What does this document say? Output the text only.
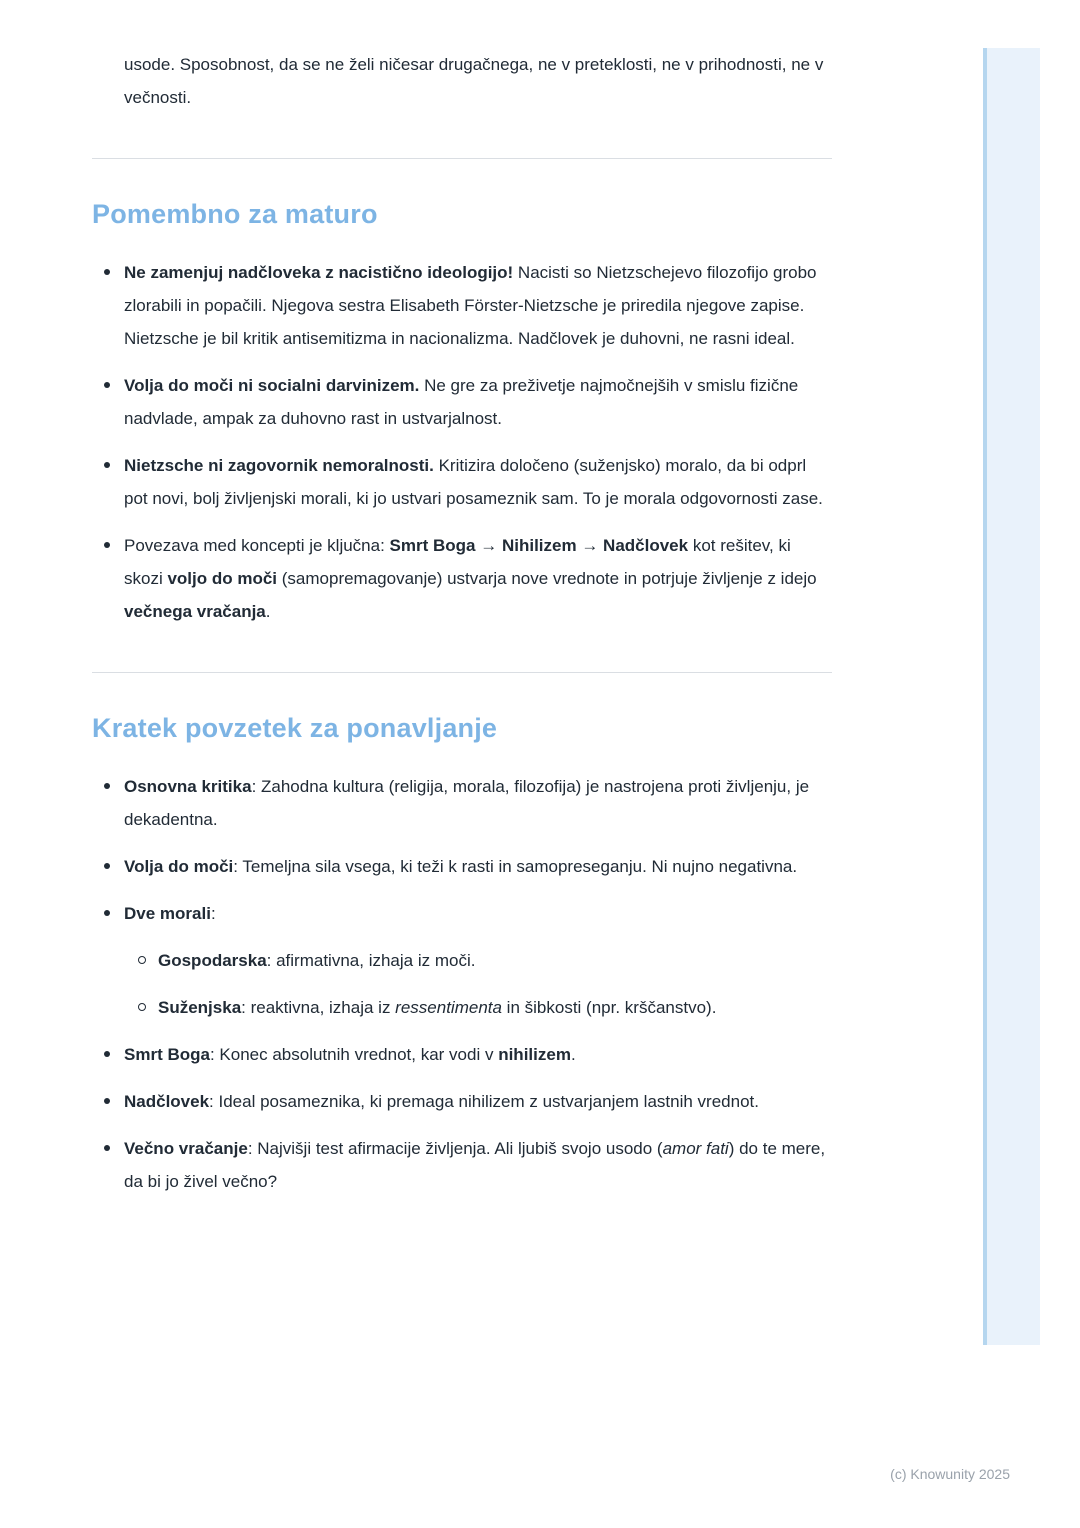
usode. Sposobnost, da se ne želi ničesar drugačnega, ne v preteklosti, ne v prihodnosti, ne v večnosti.

Pomembno za maturo
Ne zamenjuj nadčloveka z nacistično ideologijo! Nacisti so Nietzschejevo filozofijo grobo zlorabili in popačili. Njegova sestra Elisabeth Förster-Nietzsche je priredila njegove zapise. Nietzsche je bil kritik antisemitizma in nacionalizma. Nadčlovek je duhovni, ne rasni ideal.
Volja do moči ni socialni darvinizem. Ne gre za preživetje najmočnejših v smislu fizične nadvlade, ampak za duhovno rast in ustvarjalnost.
Nietzsche ni zagovornik nemoralnosti. Kritizira določeno (suženjsko) moralo, da bi odprl pot novi, bolj življenjski morali, ki jo ustvari posameznik sam. To je morala odgovornosti zase.
Povezava med koncepti je ključna: Smrt Boga → Nihilizem → Nadčlovek kot rešitev, ki skozi voljo do moči (samopremagovanje) ustvarja nove vrednote in potrjuje življenje z idejo večnega vračanja.
Kratek povzetek za ponavljanje
Osnovna kritika: Zahodna kultura (religija, morala, filozofija) je nastrojena proti življenju, je dekadentna.
Volja do moči: Temeljna sila vsega, ki teži k rasti in samopreseganju. Ni nujno negativna.
Dve morali:
Gospodarska: afirmativna, izhaja iz moči.
Suženjska: reaktivna, izhaja iz ressentimenta in šibkosti (npr. krščanstvo).
Smrt Boga: Konec absolutnih vrednot, kar vodi v nihilizem.
Nadčlovek: Ideal posameznika, ki premaga nihilizem z ustvarjanjem lastnih vrednot.
Večno vračanje: Najvišji test afirmacije življenja. Ali ljubiš svojo usodo (amor fati) do te mere, da bi jo živel večno?
(c) Knowunity 2025
